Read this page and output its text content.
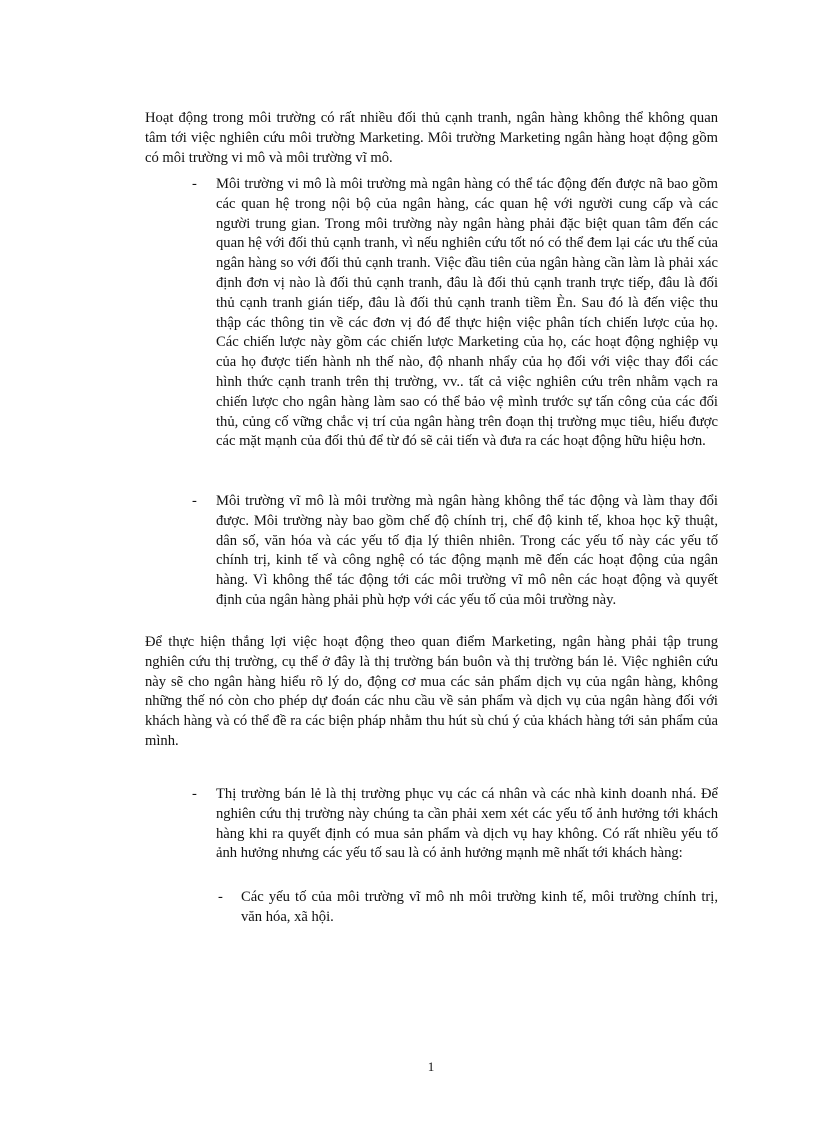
Hoạt động trong môi trường có rất nhiều đối thủ cạnh tranh, ngân hàng không thể không quan tâm tới việc nghiên cứu môi trường Marketing. Môi trường Marketing ngân hàng hoạt động gồm có môi trường vi mô và môi trường vĩ mô.

- Môi trường vi mô là môi trường mà ngân hàng có thể tác động đến được nã bao gồm các quan hệ trong nội bộ của ngân hàng, các quan hệ với người cung cấp và các người trung gian. Trong môi trường này ngân hàng phải đặc biệt quan tâm đến các quan hệ với đối thủ cạnh tranh, vì nếu nghiên cứu tốt nó có thể đem lại các ưu thế của ngân hàng so với đối thủ cạnh tranh. Việc đầu tiên của ngân hàng cần làm là phải xác định đơn vị nào là đối thủ cạnh tranh, đâu là đối thủ cạnh tranh trực tiếp, đâu là đối thủ cạnh tranh gián tiếp, đâu là đối thủ cạnh tranh tiềm Èn. Sau đó là đến việc thu thập các thông tin về các đơn vị đó để thực hiện việc phân tích chiến lược của họ. Các chiến lược này gồm các chiến lược Marketing của họ, các hoạt động nghiệp vụ của họ được tiến hành nh thế nào, độ nhanh nhẩy của họ đối với việc thay đổi các hình thức cạnh tranh trên thị trường, vv.. tất cả việc nghiên cứu trên nhằm vạch ra chiến lược cho ngân hàng làm sao có thể bảo vệ mình trước sự tấn công của các đối thủ, củng cố vững chắc vị trí của ngân hàng trên đoạn thị trường mục tiêu, hiểu được các mặt mạnh của đối thủ để từ đó sẽ cải tiến và đưa ra các hoạt động hữu hiệu hơn.
- Môi trường vĩ mô là môi trường mà ngân hàng không thể tác động và làm thay đổi được. Môi trường này bao gồm chế độ chính trị, chế độ kinh tế, khoa học kỹ thuật, dân số, văn hóa và các yếu tố địa lý thiên nhiên. Trong các yếu tố này các yếu tố chính trị, kinh tế và công nghệ có tác động mạnh mẽ đến các hoạt động của ngân hàng. Vì không thể tác động tới các môi trường vĩ mô nên các hoạt động và quyết định của ngân hàng phải phù hợp với các yếu tố của môi trường này.

Để thực hiện thắng lợi việc hoạt động theo quan điểm Marketing, ngân hàng phải tập trung nghiên cứu thị trường, cụ thể ở đây là thị trường bán buôn và thị trường bán lẻ. Việc nghiên cứu này sẽ cho ngân hàng hiểu rõ lý do, động cơ mua các sản phẩm dịch vụ của ngân hàng, không những thế nó còn cho phép dự đoán các nhu cầu về sản phẩm và dịch vụ của ngân hàng đối với khách hàng và có thể đề ra các biện pháp nhằm thu hút sù chú ý của khách hàng tới sản phẩm của mình.

- Thị trường bán lẻ là thị trường phục vụ các cá nhân và các nhà kinh doanh nhá. Để nghiên cứu thị trường này chúng ta cần phải xem xét các yếu tố ảnh hưởng tới khách hàng khi ra quyết định có mua sản phẩm và dịch vụ hay không. Có rất nhiều yếu tố ảnh hưởng nhưng các yếu tố sau là có ảnh hưởng mạnh mẽ nhất tới khách hàng:
- Các yếu tố của môi trường vĩ mô nh môi trường kinh tế, môi trường chính trị, văn hóa, xã hội.
1
